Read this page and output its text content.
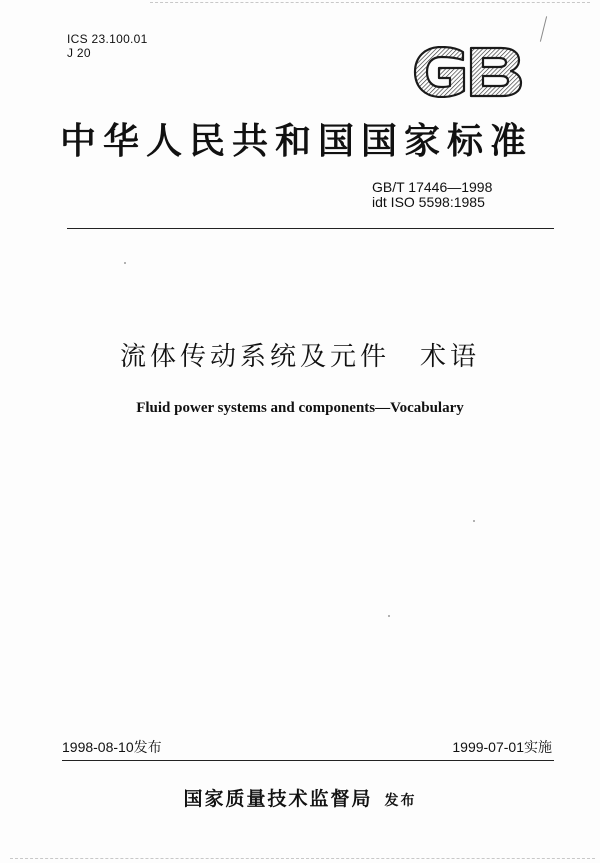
ICS 23.100.01
J 20
中华人民共和国国家标准
GB/T 17446—1998
idt ISO 5598:1985
流体传动系统及元件　术语
Fluid power systems and components—Vocabulary
1998-08-10发布	1999-07-01实施
国家质量技术监督局 发布
